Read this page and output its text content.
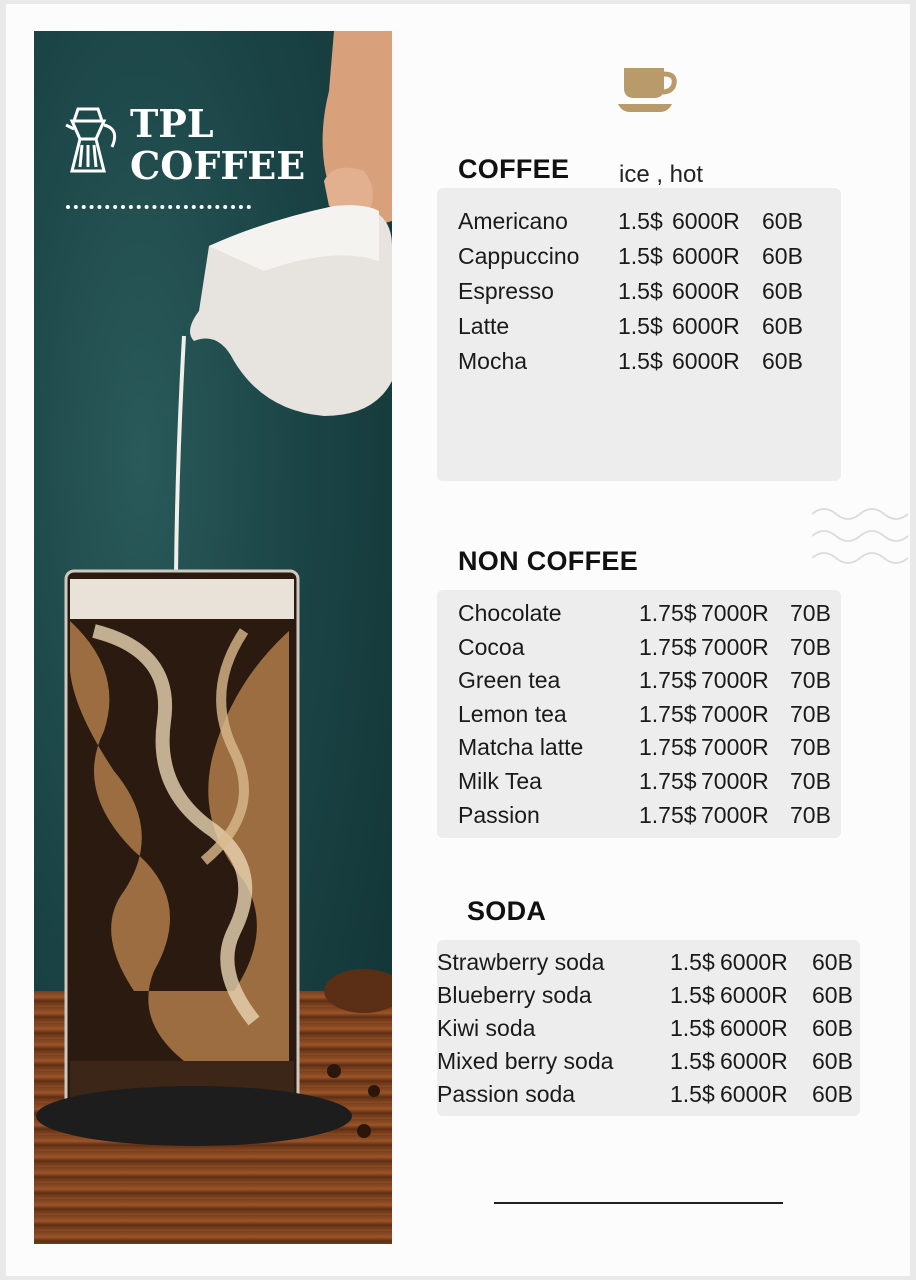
TPL
COFFEE	COFFEE ice , hot
Americano 1.5$ 6000R 60B
Cappuccino 1.5$ 6000R 60B
Espresso	1.5$ 6000R 60B
Latte	1.5$ 6000R 60B
Mocha	1.5$ 6000R 60B
NON COFFEE
Chocolate	1.75$ 7000R 70B
Cocoa	1.75$ 7000R 70B
Green tea	1.75$ 7000R 70B
Lemon tea	1.75$ 7000R 70B
Matcha latte 1.75$ 7000R 70B
Milk Tea	1.75$ 7000R 70B
Passion	1.75$ 7000R 70B
SODA
Strawberry soda	1.5$ 6000R 60B
Blueberry soda	1.5$ 6000R 60B
Kiwi soda	1.5$ 6000R 60B
Mixed berry soda 1.5$ 6000R 60B
Passion soda	1.5$ 6000R 60B
